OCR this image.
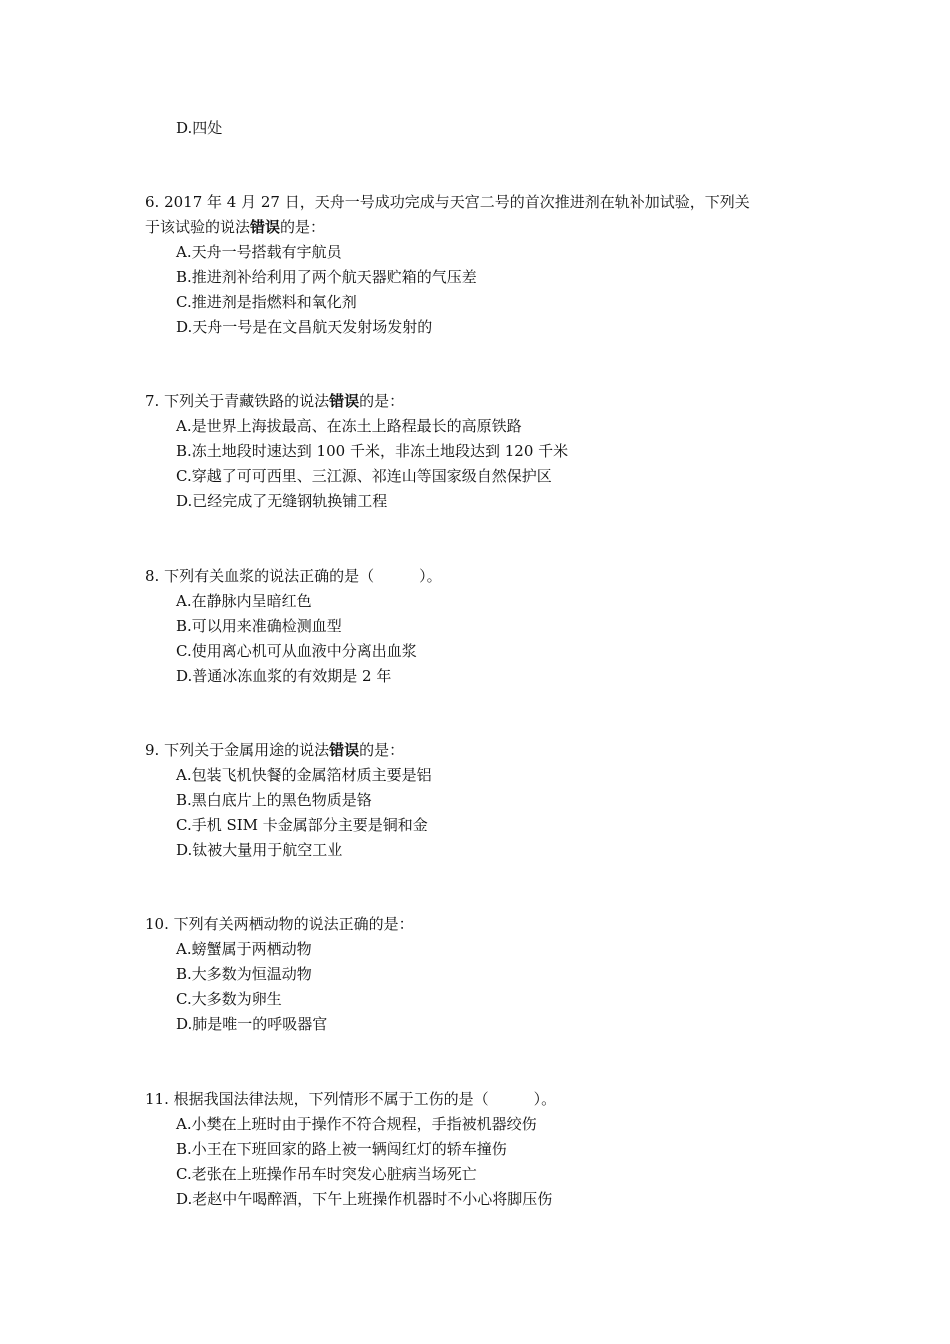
D.四处
6. 2017 年 4 月 27 日，天舟一号成功完成与天宫二号的首次推进剂在轨补加试验，下列关
于该试验的说法错误的是：
A.天舟一号搭载有宇航员
B.推进剂补给利用了两个航天器贮箱的气压差
C.推进剂是指燃料和氧化剂
D.天舟一号是在文昌航天发射场发射的
7. 下列关于青藏铁路的说法错误的是：
A.是世界上海拔最高、在冻土上路程最长的高原铁路
B.冻土地段时速达到 100 千米，非冻土地段达到 120 千米
C.穿越了可可西里、三江源、祁连山等国家级自然保护区
D.已经完成了无缝钢轨换铺工程
8. 下列有关血浆的说法正确的是（　　　）。
A.在静脉内呈暗红色
B.可以用来准确检测血型
C.使用离心机可从血液中分离出血浆
D.普通冰冻血浆的有效期是 2 年
9. 下列关于金属用途的说法错误的是：
A.包装飞机快餐的金属箔材质主要是铝
B.黑白底片上的黑色物质是铬
C.手机 SIM 卡金属部分主要是铜和金
D.钛被大量用于航空工业
10. 下列有关两栖动物的说法正确的是：
A.螃蟹属于两栖动物
B.大多数为恒温动物
C.大多数为卵生
D.肺是唯一的呼吸器官
11. 根据我国法律法规，下列情形不属于工伤的是（　　　）。
A.小樊在上班时由于操作不符合规程，手指被机器绞伤
B.小王在下班回家的路上被一辆闯红灯的轿车撞伤
C.老张在上班操作吊车时突发心脏病当场死亡
D.老赵中午喝醉酒，下午上班操作机器时不小心将脚压伤
